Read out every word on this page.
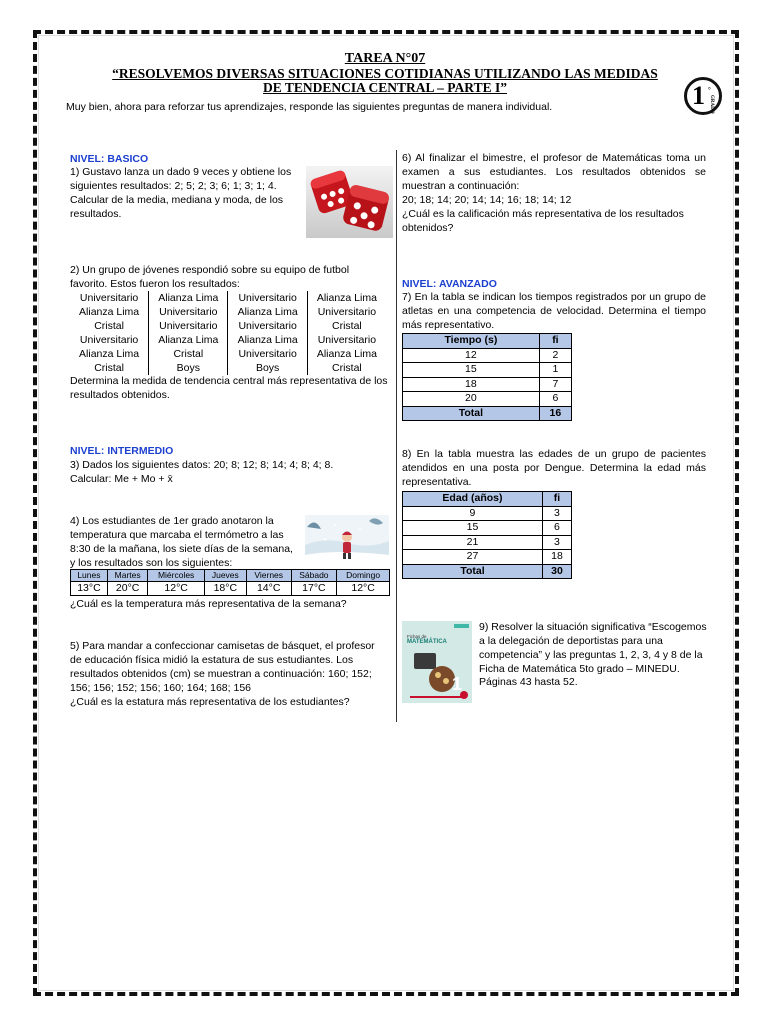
TAREA N°07
“RESOLVEMOS DIVERSAS SITUACIONES COTIDIANAS UTILIZANDO LAS MEDIDAS
DE TENDENCIA CENTRAL – PARTE I”	1 °
GRADO
Muy bien, ahora para reforzar tus aprendizajes, responde las siguientes preguntas de manera individual.
NIVEL: BASICO
1) Gustavo lanza un dado 9 veces y obtiene los siguientes resultados: 2; 5; 2; 3; 6; 1; 3; 1; 4. Calcular de la media, mediana y moda, de los resultados.
2) Un grupo de jóvenes respondió sobre su equipo de futbol favorito. Estos fueron los resultados:
Universitario	Alianza Lima	Universitario	Alianza Lima
Alianza Lima	Universitario	Alianza Lima	Universitario
Cristal	Universitario	Universitario	Cristal
Universitario	Alianza Lima	Alianza Lima	Universitario
Alianza Lima	Cristal	Universitario	Alianza Lima
Cristal	Boys	Boys	Cristal
Determina la medida de tendencia central más representativa de los resultados obtenidos.
NIVEL: INTERMEDIO
3) Dados los siguientes datos: 20; 8; 12; 8; 14; 4; 8; 4; 8.
Calcular: Me + Mo + x̄
4) Los estudiantes de 1er grado anotaron la temperatura que marcaba el termómetro a las 8:30 de la mañana, los siete días de la semana, y los resultados son los siguientes:
Lunes	Martes	Miércoles	Jueves	Viernes	Sábado	Domingo
13°C	20°C	12°C	18°C	14°C	17°C	12°C
¿Cuál es la temperatura más representativa de la semana?
5) Para mandar a confeccionar camisetas de básquet, el profesor de educación física midió la estatura de sus estudiantes. Los resultados obtenidos (cm) se muestran a continuación: 160; 152; 156; 156; 152; 156; 160; 164; 168; 156
¿Cuál es la estatura más representativa de los estudiantes?
6) Al finalizar el bimestre, el profesor de Matemáticas toma un examen a sus estudiantes. Los resultados obtenidos se muestran a continuación:
20; 18; 14; 20; 14; 14; 16; 18; 14; 12
¿Cuál es la calificación más representativa de los resultados obtenidos?
NIVEL: AVANZADO
7) En la tabla se indican los tiempos registrados por un grupo de atletas en una competencia de velocidad. Determina el tiempo más representativo.
Tiempo (s)	fi
12	2
15	1
18	7
20	6
Total	16
8) En la tabla muestra las edades de un grupo de pacientes atendidos en una posta por Dengue. Determina la edad más representativa.
Edad (años)	fi
9	3
15	6
21	3
27	18
Total	30
Fichas de
MATEMÁTICA
1
9) Resolver la situación significativa “Escogemos a la delegación de deportistas para una competencia” y las preguntas 1, 2, 3, 4 y 8 de la Ficha de Matemática 5to grado – MINEDU. Páginas 43 hasta 52.
